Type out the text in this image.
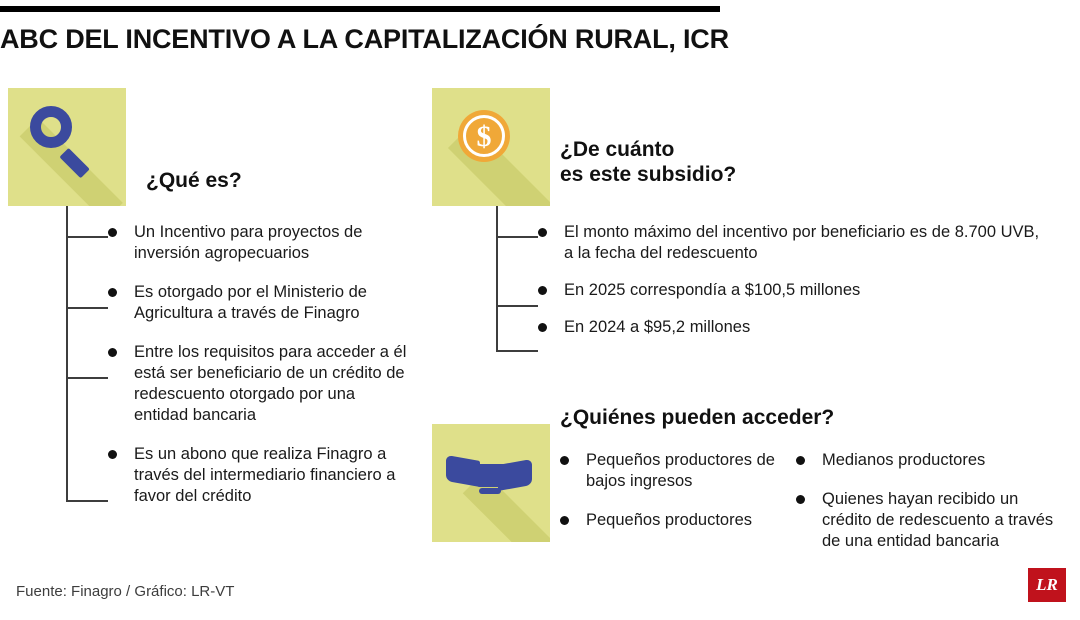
ABC DEL INCENTIVO A LA CAPITALIZACIÓN RURAL, ICR
¿Qué es?
Un Incentivo para proyectos de inversión agropecuarios
Es otorgado por el Ministerio de Agricultura a través de Finagro
Entre los requisitos para acceder a él está ser beneficiario de un crédito de redescuento otorgado por una entidad bancaria
Es un abono que realiza Finagro a través del intermediario financiero a favor del crédito
$	¿De cuánto
es este subsidio?
El monto máximo del incentivo por beneficiario es de 8.700 UVB, a la fecha del redescuento
En 2025 correspondía a $100,5 millones
En 2024 a $95,2 millones
¿Quiénes pueden acceder?
Pequeños productores de bajos ingresos
Pequeños productores
Medianos productores
Quienes hayan recibido un crédito de redescuento a través de una entidad bancaria
Fuente: Finagro / Gráfico: LR-VT	LR
